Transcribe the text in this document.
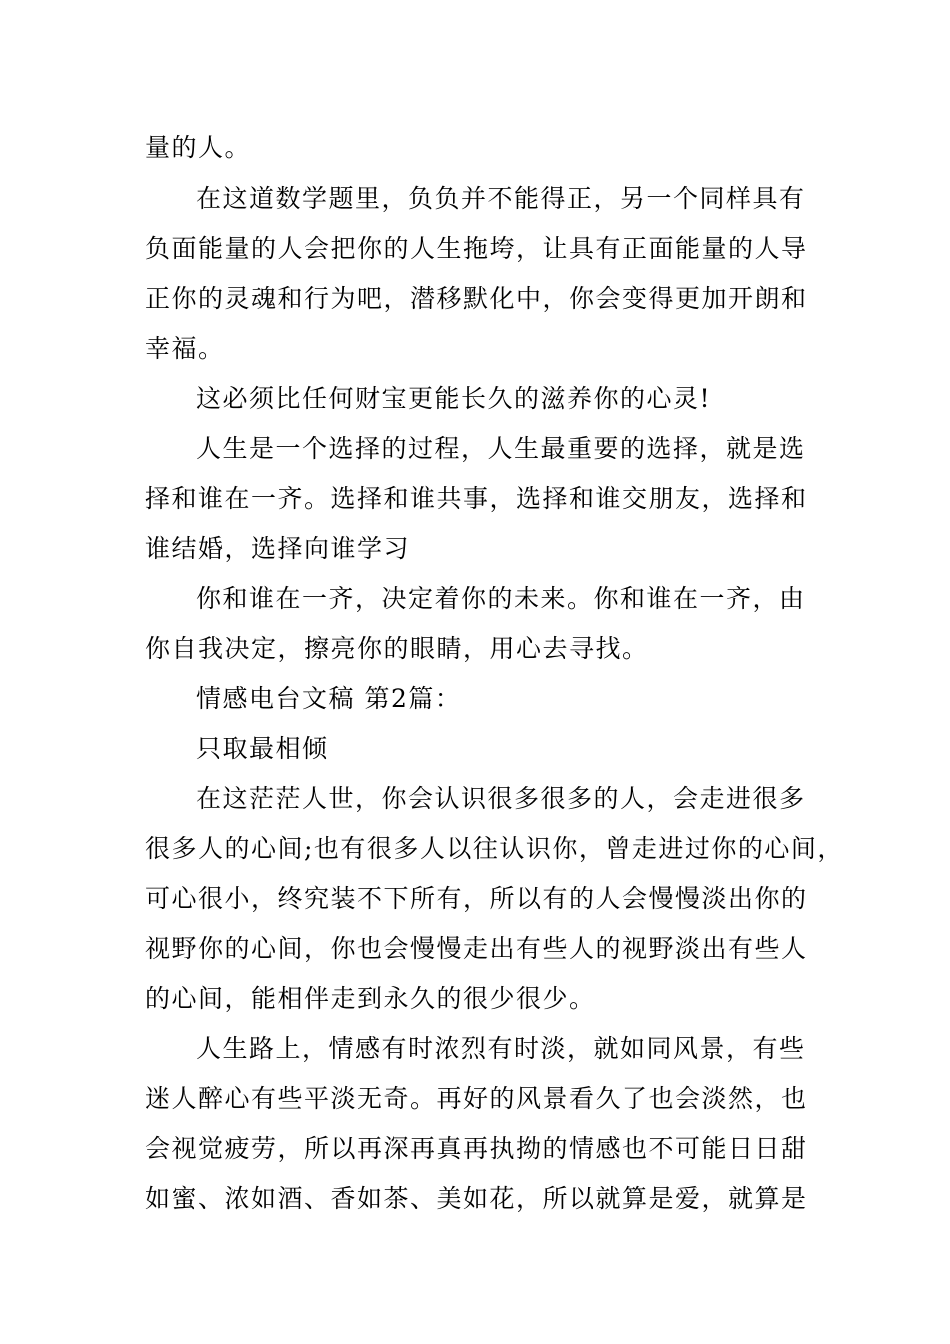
量的人。
在这道数学题里，负负并不能得正，另一个同样具有
负面能量的人会把你的人生拖垮，让具有正面能量的人导
正你的灵魂和行为吧，潜移默化中，你会变得更加开朗和
幸福。
这必须比任何财宝更能长久的滋养你的心灵!
人生是一个选择的过程，人生最重要的选择，就是选
择和谁在一齐。选择和谁共事，选择和谁交朋友，选择和
谁结婚，选择向谁学习
你和谁在一齐，决定着你的未来。你和谁在一齐，由
你自我决定，擦亮你的眼睛，用心去寻找。
情感电台文稿 第2篇：
只取最相倾
在这茫茫人世，你会认识很多很多的人，会走进很多
很多人的心间;也有很多人以往认识你，曾走进过你的心间，
可心很小，终究装不下所有，所以有的人会慢慢淡出你的
视野你的心间，你也会慢慢走出有些人的视野淡出有些人
的心间，能相伴走到永久的很少很少。
人生路上，情感有时浓烈有时淡，就如同风景，有些
迷人醉心有些平淡无奇。再好的风景看久了也会淡然，也
会视觉疲劳，所以再深再真再执拗的情感也不可能日日甜
如蜜、浓如酒、香如茶、美如花，所以就算是爱，就算是
